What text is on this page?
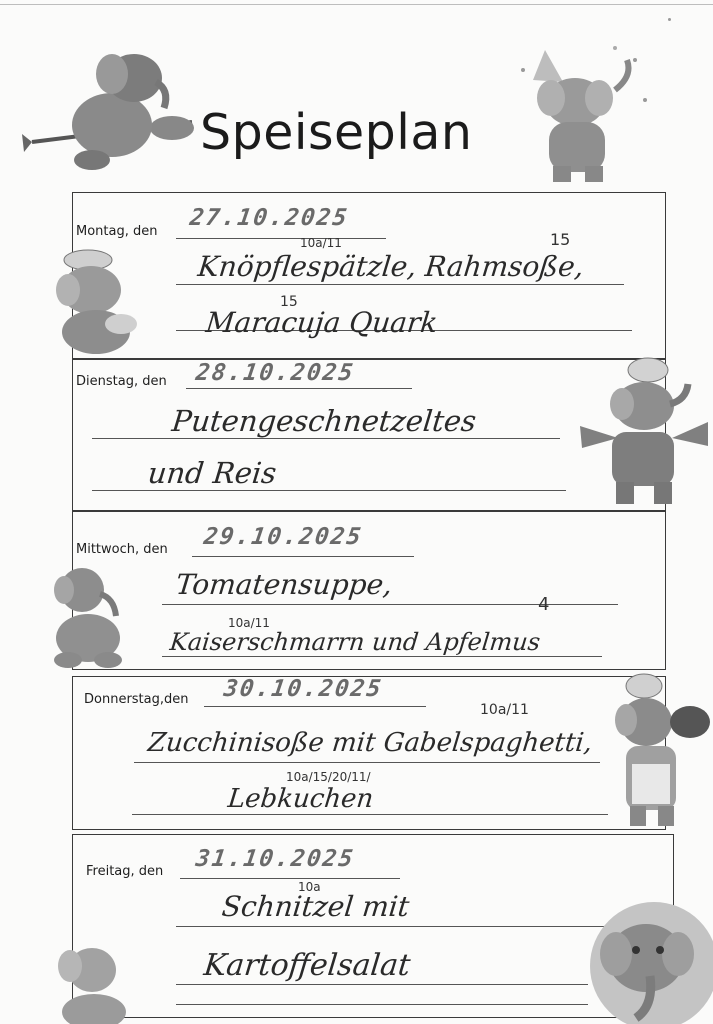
Speiseplan
Montag, den
27.10.2025
10a/11	15
Knöpflespätzle, Rahmsoße,
15
Maracuja Quark
Dienstag, den 28.10.2025
Putengeschnetzeltes
und Reis
Mittwoch, den 29.10.2025
Tomatensuppe,
10a/11
4
Kaiserschmarrn und Apfelmus
Donnerstag,den 30.10.2025
10a/11
Zucchinisoße mit Gabelspaghetti,
10a/15/20/11/
Lebkuchen
Freitag, den 31.10.2025
10a
Schnitzel mit
Kartoffelsalat
